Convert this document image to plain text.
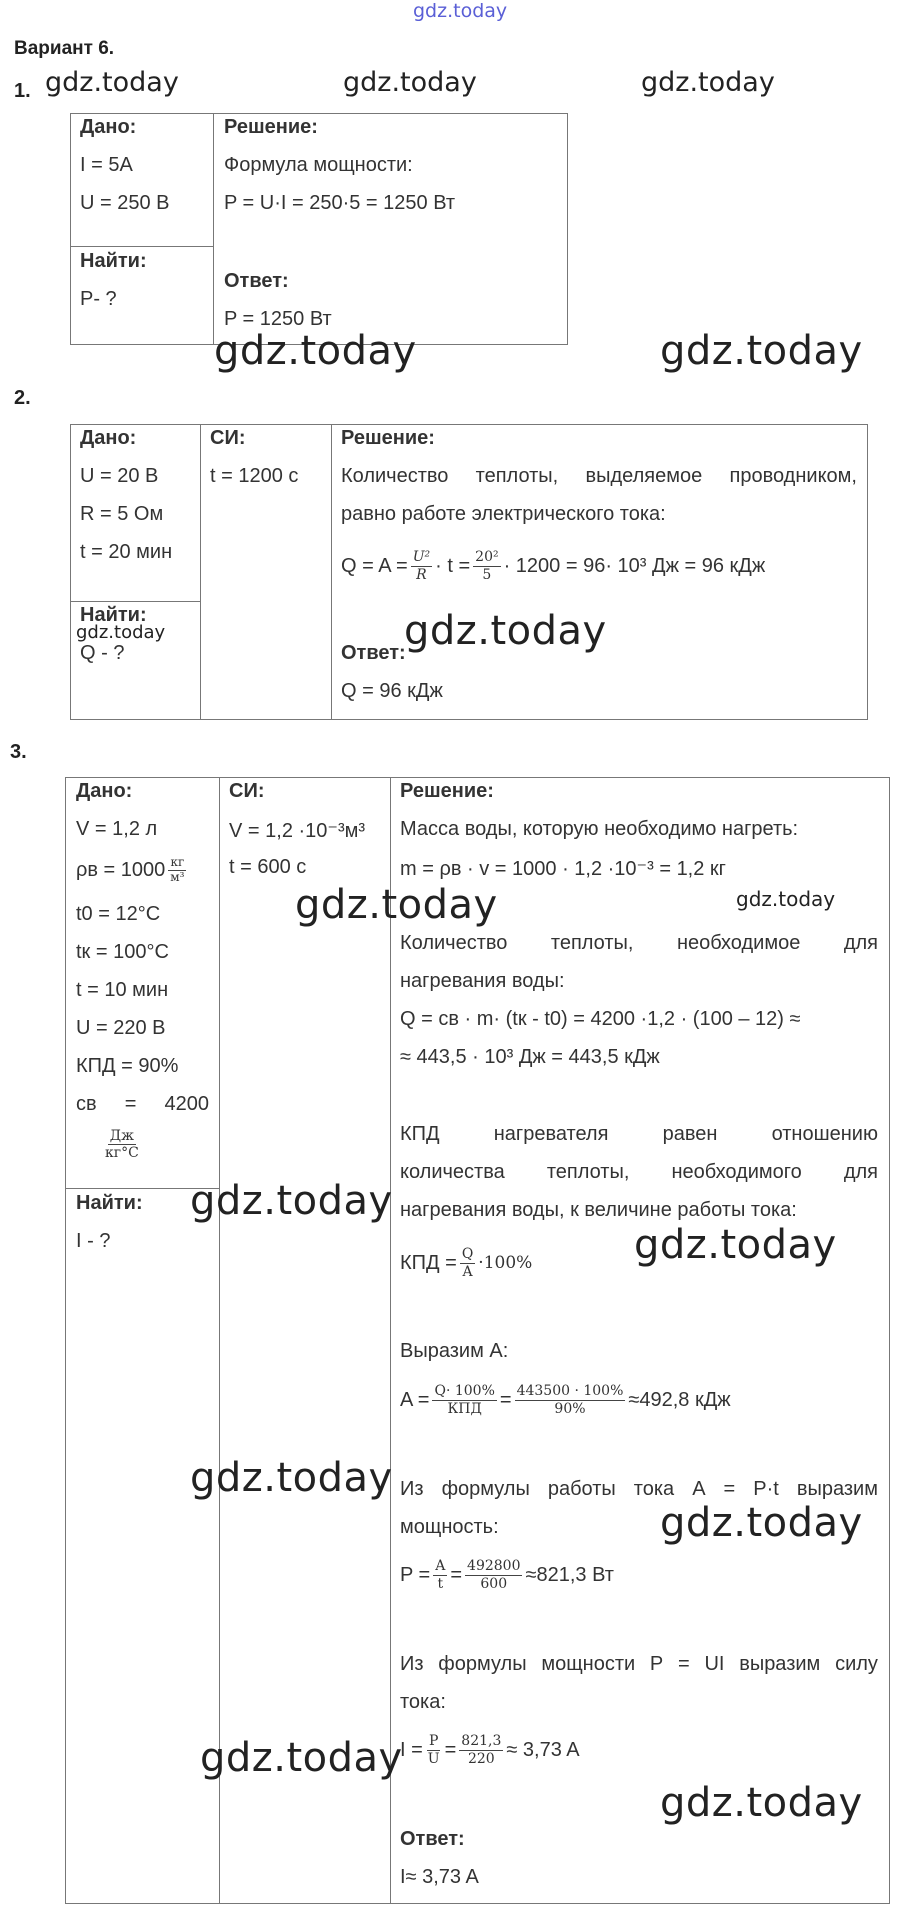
gdz.today
Вариант 6.
1. gdz.today	gdz.today	gdz.today
Дано:
I = 5A
U = 250 В
Найти:
P- ?
Решение:
Формула мощности:
P = U·I = 250·5 = 1250 Вт
Ответ:
P = 1250 Вт
gdz.today	gdz.today
2.
Дано:
U = 20 В
R = 5 Ом
t = 20 мин
Найти:
gdz.today
Q - ?
СИ:
t = 1200 с
Решение:
Количество теплоты, выделяемое проводником,
равно работе электрического тока:
$Q = A = \frac{\text{U²}}{R} \cdot t = \frac{\text{20²}}{5} \cdot 1200 = 96\cdot 10^3$ Дж = 96 кДж
gdz.today
Ответ:
Q = 96 кДж
3.
Дано:
V = 1,2 л
$\rho в = 1000 \frac{кг}{\text{м³}}$
t0 = 12°C
tк = 100°C
t = 10 мин
U = 220 В
КПД = 90%
cв = 4200
$\frac{Дж}{кг^\circ C}$
Найти:
I - ?
СИ:
V = 1,2 ·10⁻³м³
t = 600 с
Решение:
Масса воды, которую необходимо нагреть:
m = ρв · v = 1000 · 1,2 ·10⁻³ = 1,2 кг
gdz.today
Количество теплоты, необходимое для
нагревания воды:
Q = cв · m· (tк - t0) = 4200 ·1,2 · (100 – 12) ≈
≈ 443,5 · 10³ Дж = 443,5 кДж
КПД	нагревателя	равен	отношению
количества теплоты, необходимого для
нагревания воды, к величине работы тока:
КПД = $\frac{Q}{A} \cdot 100\%$	gdz.today
gdz.today
Выразим A:
$A = \frac{Q\cdot 100\%}{\text{КПД}} = \frac{443500 \cdot 100\%}{90\%} \approx 492,8$ кДж
Из формулы работы тока A = P·t выразим
мощность:
gdz.today
gdz.today
$P = \frac{A}{t} = \frac{492800}{600} \approx 821,3$ Вт
Из формулы мощности P = UI выразим силу
тока:
$I = \frac{P}{U} = \frac{821,3}{220} \approx 3,73$ A
gdz.today
gdz.today
Ответ:
I≈ 3,73 A
gdz.today
